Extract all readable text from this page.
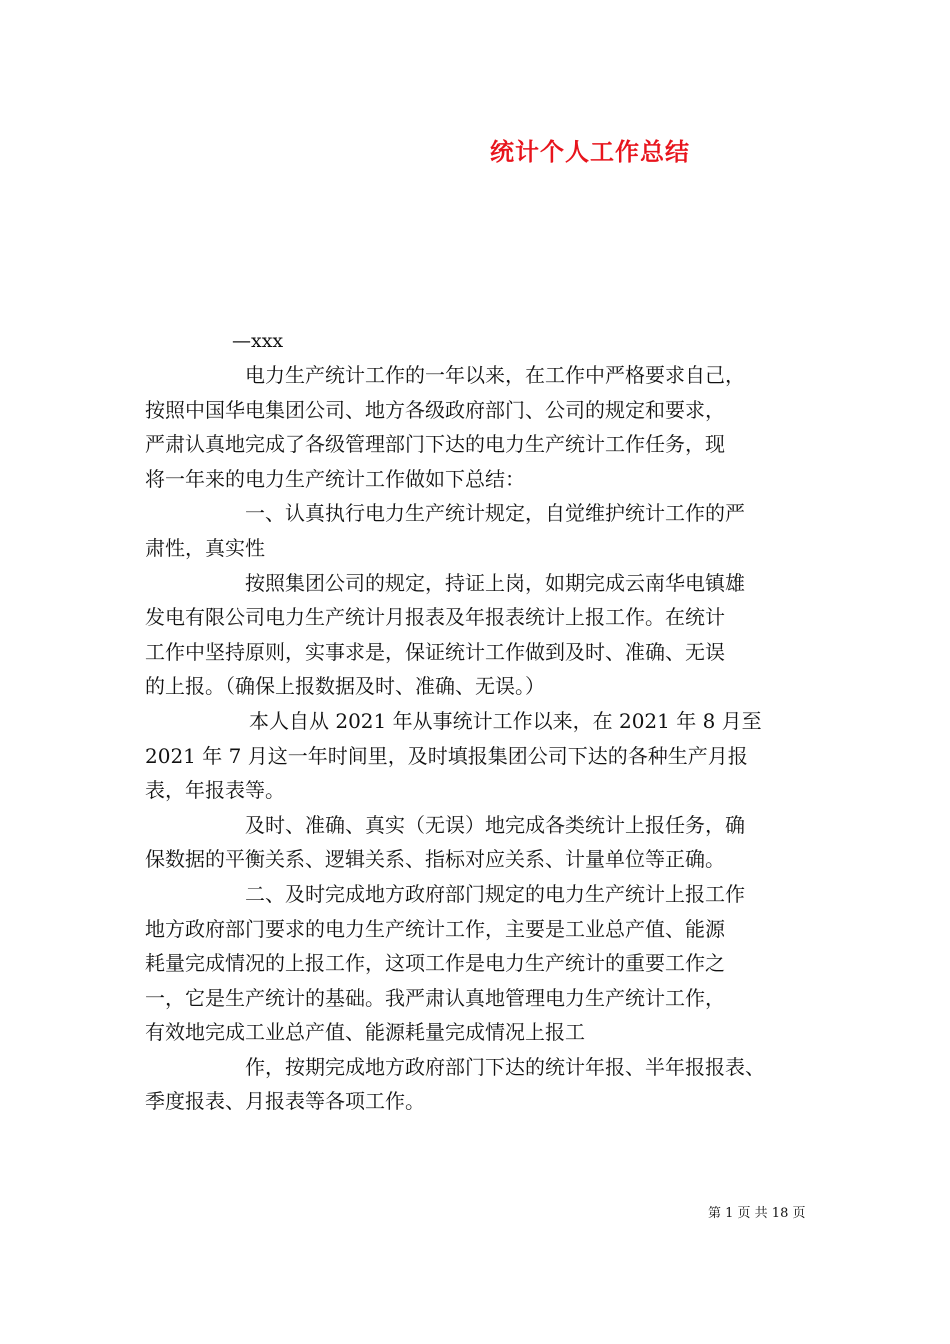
统计个人工作总结
—xxx
电力生产统计工作的一年以来，在工作中严格要求自己，
按照中国华电集团公司、地方各级政府部门、公司的规定和要求，
严肃认真地完成了各级管理部门下达的电力生产统计工作任务，现
将一年来的电力生产统计工作做如下总结：
一、认真执行电力生产统计规定，自觉维护统计工作的严
肃性，真实性
按照集团公司的规定，持证上岗，如期完成云南华电镇雄
发电有限公司电力生产统计月报表及年报表统计上报工作。在统计
工作中坚持原则，实事求是，保证统计工作做到及时、准确、无误
的上报。（确保上报数据及时、准确、无误。）
本人自从 2021 年从事统计工作以来，在 2021 年 8 月至
2021 年 7 月这一年时间里，及时填报集团公司下达的各种生产月报
表，年报表等。
及时、准确、真实（无误）地完成各类统计上报任务，确
保数据的平衡关系、逻辑关系、指标对应关系、计量单位等正确。
二、及时完成地方政府部门规定的电力生产统计上报工作
地方政府部门要求的电力生产统计工作，主要是工业总产值、能源
耗量完成情况的上报工作，这项工作是电力生产统计的重要工作之
一，它是生产统计的基础。我严肃认真地管理电力生产统计工作，
有效地完成工业总产值、能源耗量完成情况上报工
作，按期完成地方政府部门下达的统计年报、半年报报表、
季度报表、月报表等各项工作。
第 1 页 共 18 页
